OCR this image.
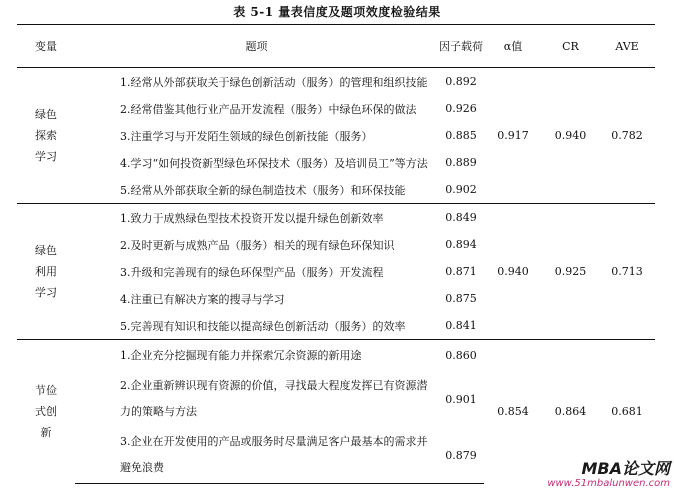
表 5-1 量表信度及题项效度检验结果
变量	题项	因子载荷	α值	CR	AVE

绿色
探索
学习	1.经常从外部获取关于绿色创新活动（服务）的管理和组织技能	0.892	0.917	0.940	0.782
	2.经常借鉴其他行业产品开发流程（服务）中绿色环保的做法	0.926			
	3.注重学习与开发陌生领域的绿色创新技能（服务）	0.885			
	4.学习“如何投资新型绿色环保技术（服务）及培训员工”等方法	0.889			
	5.经常从外部获取全新的绿色制造技术（服务）和环保技能	0.902			

绿色
利用
学习	1.致力于成熟绿色型技术投资开发以提升绿色创新效率	0.849	0.940	0.925	0.713
	2.及时更新与成熟产品（服务）相关的现有绿色环保知识	0.894			
	3.升级和完善现有的绿色环保型产品（服务）开发流程	0.871			
	4.注重已有解决方案的搜寻与学习	0.875			
	5.完善现有知识和技能以提高绿色创新活动（服务）的效率	0.841			

节俭
式创
新	1.企业充分挖掘现有能力并探索冗余资源的新用途	0.860	0.854	0.864	0.681

	2.企业重新辨识现有资源的价值，寻找最大程度发挥已有资源潜
力的策略与方法	0.901			

	3.企业在开发使用的产品或服务时尽量满足客户最基本的需求并
避免浪费	0.879			
MBA论文网
www.51mbalunwen.com
